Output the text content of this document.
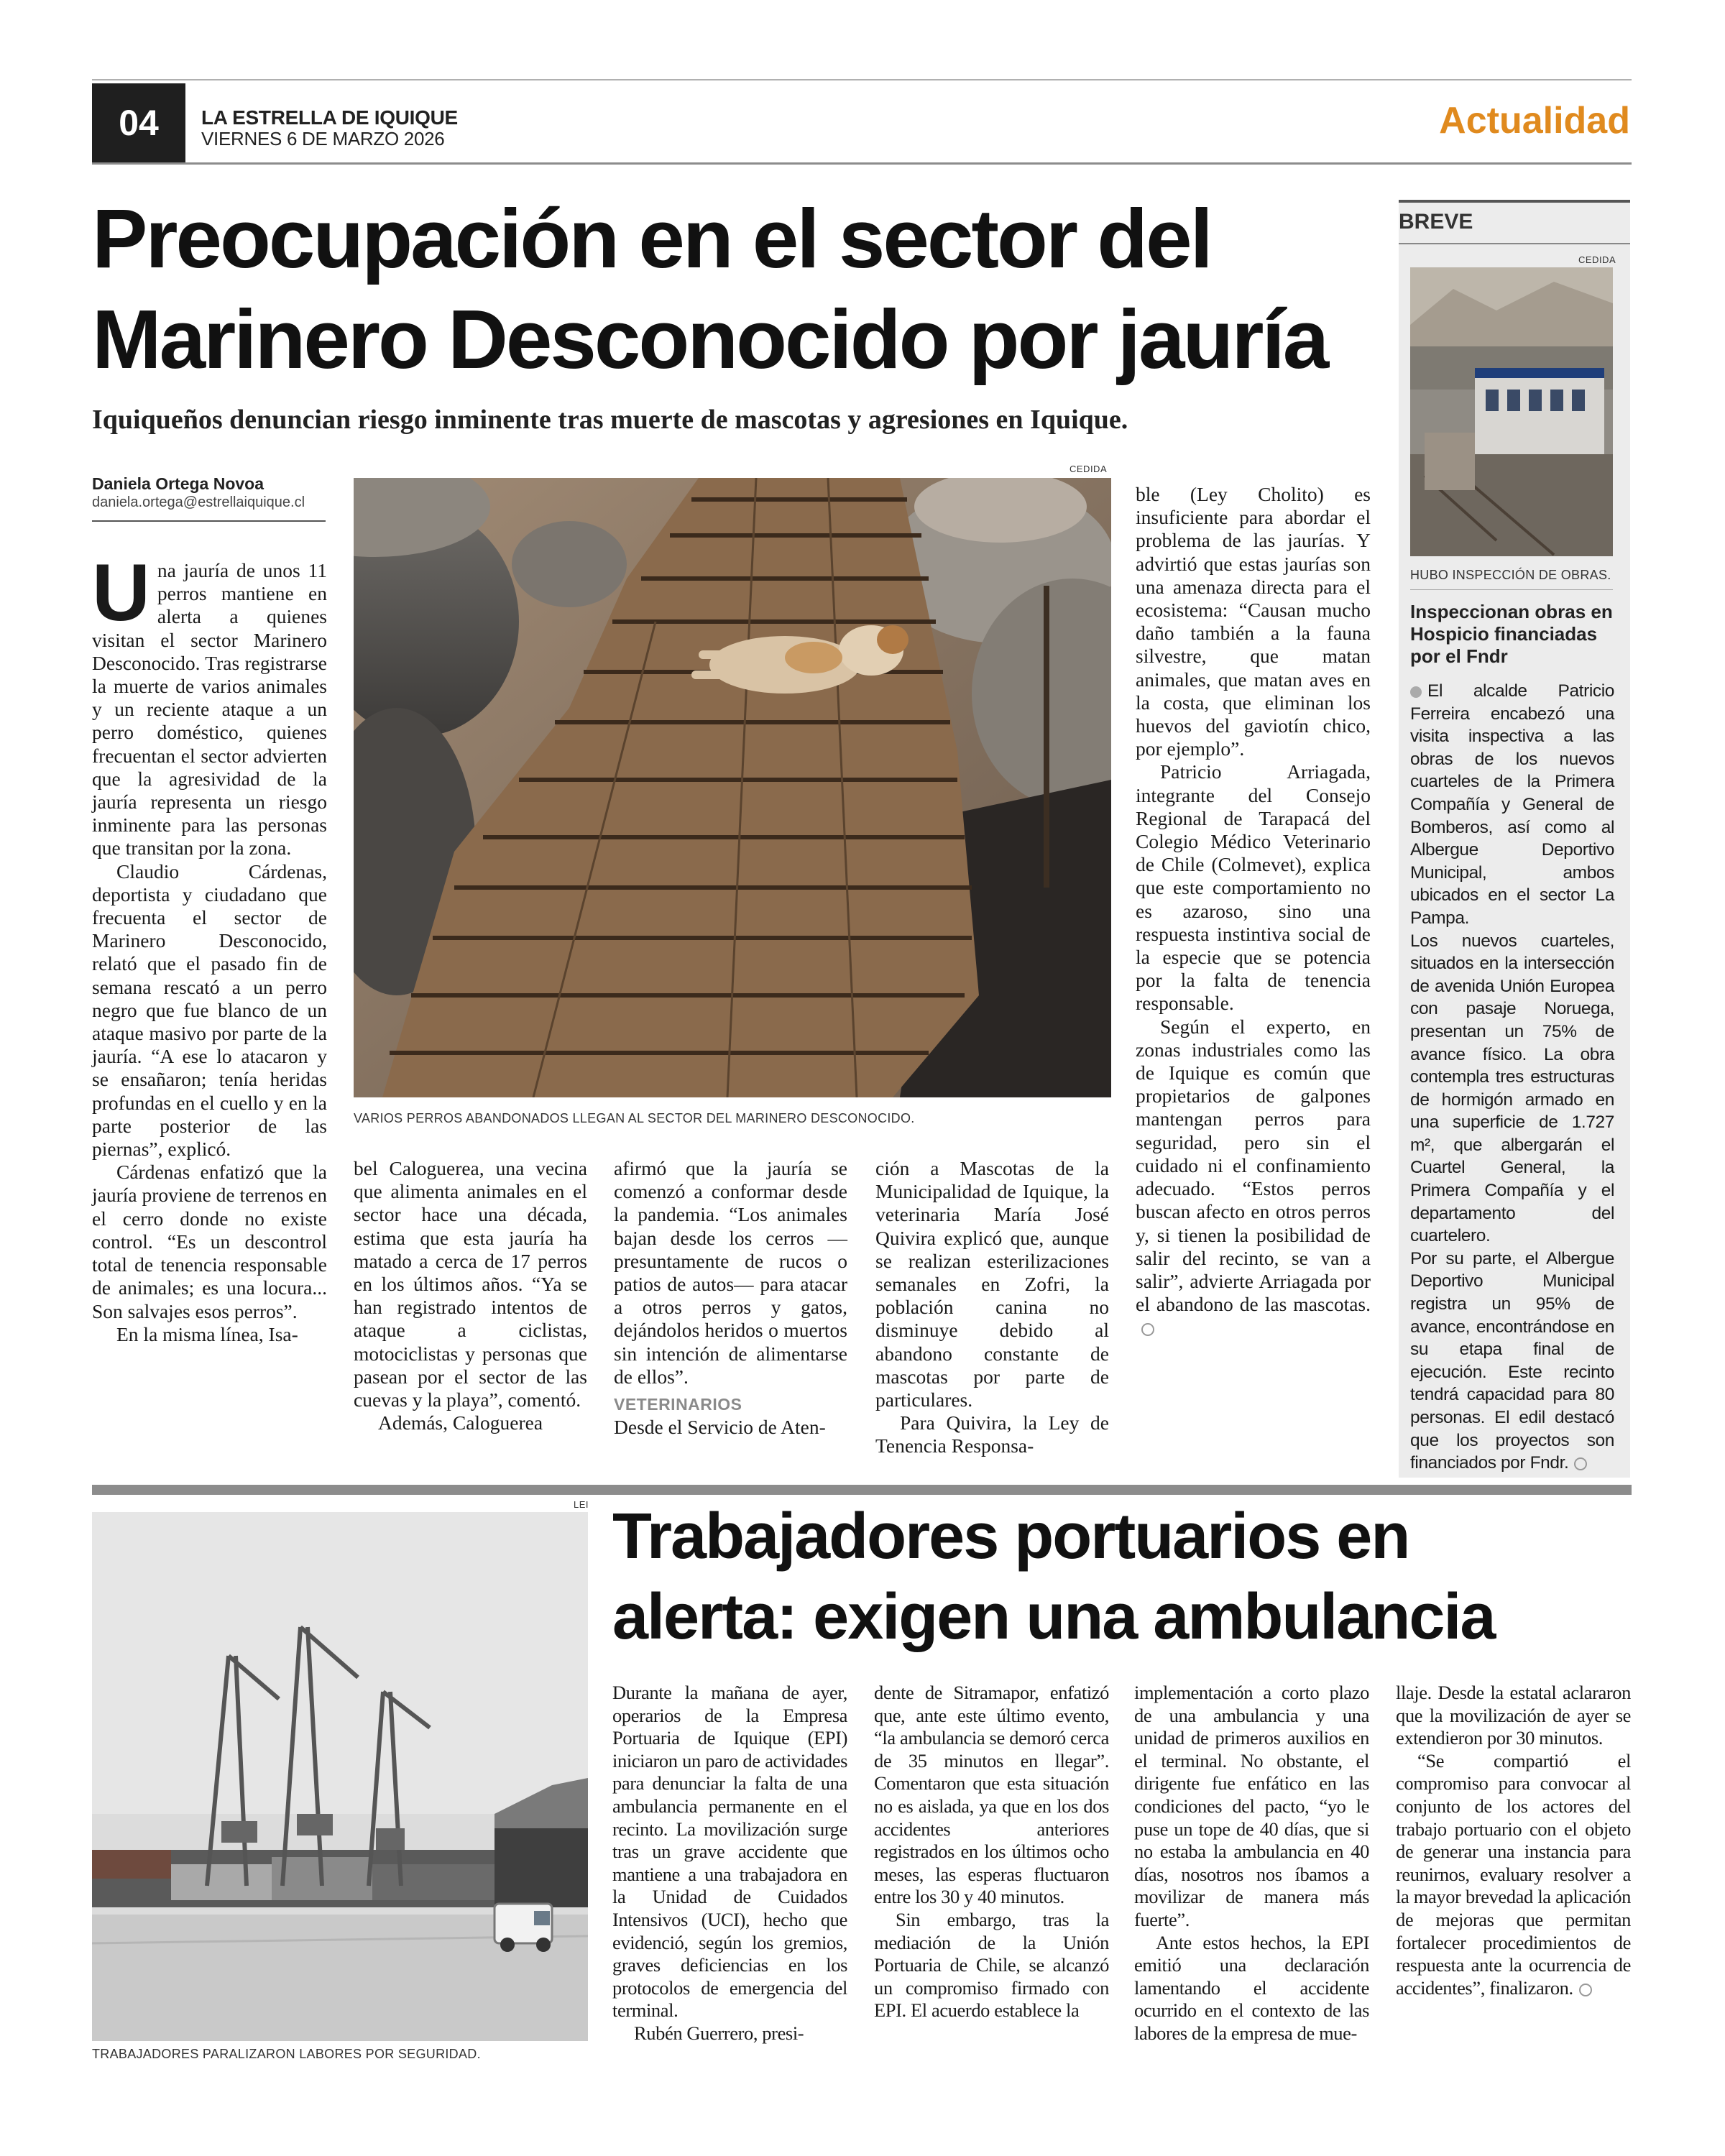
04	LA ESTRELLA DE IQUIQUE
VIERNES 6 DE MARZO 2026	Actualidad
Preocupación en el sector del
Marinero Desconocido por jauría
Iquiqueños denuncian riesgo inminente tras muerte de mascotas y agresiones en Iquique.
Daniela Ortega Novoa
daniela.ortega@estrellaiquique.cl
CEDIDA
VARIOS PERROS ABANDONADOS LLEGAN AL SECTOR DEL MARINERO DESCONOCIDO.

Una jauría de unos 11 perros mantiene en alerta a quienes visitan el sector Marinero Desconocido. Tras registrarse la muerte de varios animales y un reciente ataque a un perro doméstico, quienes frecuentan el sector advierten que la agresividad de la jauría representa un riesgo inminente para las personas que transitan por la zona.

Claudio Cárdenas, deportista y ciudadano que frecuenta el sector de Marinero Desconocido, relató que el pasado fin de semana rescató a un perro negro que fue blanco de un ataque masivo por parte de la jauría. “A ese lo atacaron y se ensañaron; tenía heridas profundas en el cuello y en la parte posterior de las piernas”, explicó.

Cárdenas enfatizó que la jauría proviene de terrenos en el cerro donde no existe control. “Es un descontrol total de tenencia responsable de animales; es una locura... Son salvajes esos perros”.

En la misma línea, Isa-

bel Caloguerea, una vecina que alimenta animales en el sector hace una década, estima que esta jauría ha matado a cerca de 17 perros en los últimos años. “Ya se han registrado intentos de ataque a ciclistas, motociclistas y personas que pasean por el sector de las cuevas y la playa”, comentó.

Además, Caloguerea

afirmó que la jauría se comenzó a conformar desde la pandemia. “Los animales bajan desde los cerros —presuntamente de rucos o patios de autos— para atacar a otros perros y gatos, dejándolos heridos o muertos sin intención de alimentarse de ellos”.

VETERINARIOS

Desde el Servicio de Aten-

ción a Mascotas de la Municipalidad de Iquique, la veterinaria María José Quivira explicó que, aunque se realizan esterilizaciones semanales en Zofri, la población canina no disminuye debido al abandono constante de mascotas por parte de particulares.

Para Quivira, la Ley de Tenencia Responsa-

ble (Ley Cholito) es insuficiente para abordar el problema de las jaurías. Y advirtió que estas jaurías son una amenaza directa para el ecosistema: “Causan mucho daño también a la fauna silvestre, que matan animales, que matan aves en la costa, que eliminan los huevos del gaviotín chico, por ejemplo”.

Patricio Arriagada, integrante del Consejo Regional de Tarapacá del Colegio Médico Veterinario de Chile (Colmevet), explica que este comportamiento no es azaroso, sino una respuesta instintiva social de la especie que se potencia por la falta de tenencia responsable.

Según el experto, en zonas industriales como las de Iquique es común que propietarios de galpones mantengan perros para seguridad, pero sin el cuidado ni el confinamiento adecuado. “Estos perros buscan afecto en otros perros y, si tienen la posibilidad de salir del recinto, se van a salir”, advierte Arriagada por el abandono de las mascotas.

BREVE
CEDIDA
HUBO INSPECCIÓN DE OBRAS.
Inspeccionan obras en Hospicio financiadas por el Fndr

El alcalde Patricio Ferreira encabezó una visita inspectiva a las obras de los nuevos cuarteles de la Primera Compañía y General de Bomberos, así como al Albergue Deportivo Municipal, ambos ubicados en el sector La Pampa.

Los nuevos cuarteles, situados en la intersección de avenida Unión Europea con pasaje Noruega, presentan un 75% de avance físico. La obra contempla tres estructuras de hormigón armado en una superficie de 1.727 m², que albergarán el Cuartel General, la Primera Compañía y el departamento del cuartelero.

Por su parte, el Albergue Deportivo Municipal registra un 95% de avance, encontrándose en su etapa final de ejecución. Este recinto tendrá capacidad para 80 personas. El edil destacó que los proyectos son financiados por Fndr.

LEI
TRABAJADORES PARALIZARON LABORES POR SEGURIDAD.
Trabajadores portuarios en
alerta: exigen una ambulancia

Durante la mañana de ayer, operarios de la Empresa Portuaria de Iquique (EPI) iniciaron un paro de actividades para denunciar la falta de una ambulancia permanente en el recinto. La movilización surge tras un grave accidente que mantiene a una trabajadora en la Unidad de Cuidados Intensivos (UCI), hecho que evidenció, según los gremios, graves deficiencias en los protocolos de emergencia del terminal.

Rubén Guerrero, presi-

dente de Sitramapor, enfatizó que, ante este último evento, “la ambulancia se demoró cerca de 35 minutos en llegar”. Comentaron que esta situación no es aislada, ya que en los dos accidentes anteriores registrados en los últimos ocho meses, las esperas fluctuaron entre los 30 y 40 minutos.

Sin embargo, tras la mediación de la Unión Portuaria de Chile, se alcanzó un compromiso firmado con EPI. El acuerdo establece la

implementación a corto plazo de una ambulancia y una unidad de primeros auxilios en el terminal. No obstante, el dirigente fue enfático en las condiciones del pacto, “yo le puse un tope de 40 días, que si no estaba la ambulancia en 40 días, nosotros nos íbamos a movilizar de manera más fuerte”.

Ante estos hechos, la EPI emitió una declaración lamentando el accidente ocurrido en el contexto de las labores de la empresa de mue-

llaje. Desde la estatal aclararon que la movilización de ayer se extendieron por 30 minutos.

“Se compartió el compromiso para convocar al conjunto de los actores del trabajo portuario con el objeto de generar una instancia para reunirnos, evaluary resolver a la mayor brevedad la aplicación de mejoras que permitan fortalecer procedimientos de respuesta ante la ocurrencia de accidentes”, finalizaron.
